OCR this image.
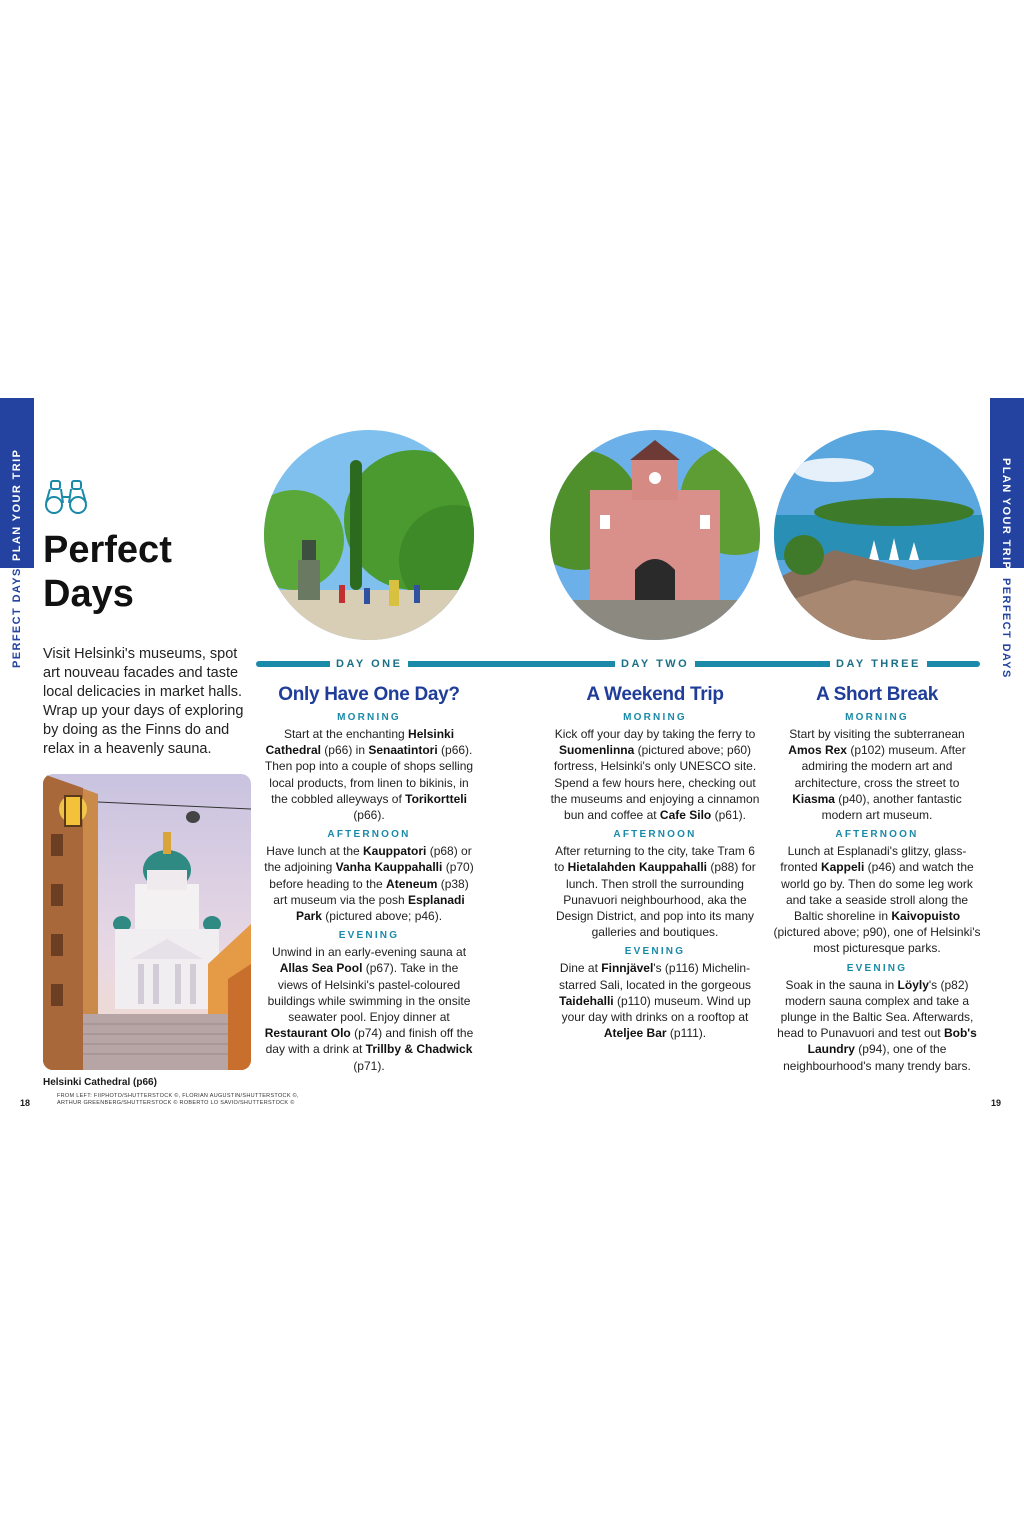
PLAN YOUR TRIP
PERFECT DAYS
PLAN YOUR TRIP
PERFECT DAYS
Perfect
Days
Visit Helsinki's museums, spot art nouveau facades and taste local delicacies in market halls. Wrap up your days of exploring by doing as the Finns do and relax in a heavenly sauna.
Helsinki Cathedral (p66)
18
FROM LEFT: FIIPHOTO/SHUTTERSTOCK ©, FLORIAN AUGUSTIN/SHUTTERSTOCK ©, ARTHUR GREENBERG/SHUTTERSTOCK © ROBERTO LO SAVIO/SHUTTERSTOCK ©	19
DAY ONE	DAY TWO	DAY THREE
Only Have One Day?
MORNING
Start at the enchanting Helsinki Cathedral (p66) in Senaatintori (p66). Then pop into a couple of shops selling local products, from linen to bikinis, in the cobbled alleyways of Torikortteli (p66).
AFTERNOON
Have lunch at the Kauppatori (p68) or the adjoining Vanha Kauppahalli (p70) before heading to the Ateneum (p38) art museum via the posh Esplanadi Park (pictured above; p46).
EVENING
Unwind in an early-evening sauna at Allas Sea Pool (p67). Take in the views of Helsinki's pastel-coloured buildings while swimming in the onsite seawater pool. Enjoy dinner at Restaurant Olo (p74) and finish off the day with a drink at Trillby & Chadwick (p71).
A Weekend Trip
MORNING
Kick off your day by taking the ferry to Suomenlinna (pictured above; p60) fortress, Helsinki's only UNESCO site. Spend a few hours here, checking out the museums and enjoying a cinnamon bun and coffee at Cafe Silo (p61).
AFTERNOON
After returning to the city, take Tram 6 to Hietalahden Kauppahalli (p88) for lunch. Then stroll the surrounding Punavuori neighbourhood, aka the Design District, and pop into its many galleries and boutiques.
EVENING
Dine at Finnjävel's (p116) Michelin-starred Sali, located in the gorgeous Taidehalli (p110) museum. Wind up your day with drinks on a rooftop at Ateljee Bar (p111).
A Short Break
MORNING
Start by visiting the subterranean Amos Rex (p102) museum. After admiring the modern art and architecture, cross the street to Kiasma (p40), another fantastic modern art museum.
AFTERNOON
Lunch at Esplanadi's glitzy, glass-fronted Kappeli (p46) and watch the world go by. Then do some leg work and take a seaside stroll along the Baltic shoreline in Kaivopuisto (pictured above; p90), one of Helsinki's most picturesque parks.
EVENING
Soak in the sauna in Löyly's (p82) modern sauna complex and take a plunge in the Baltic Sea. Afterwards, head to Punavuori and test out Bob's Laundry (p94), one of the neighbourhood's many trendy bars.
